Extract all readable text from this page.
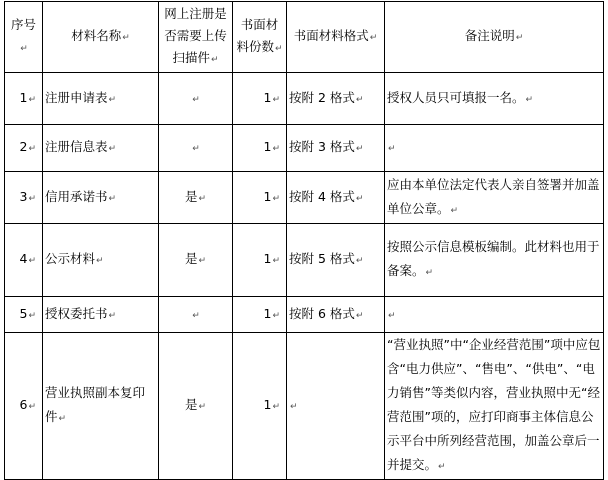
序号↵	材料名称↵	网上注册是否需要上传扫描件↵	书面材料份数↵	书面材料格式↵	备注说明↵
1↵	注册申请表↵	↵	1↵	按附 2 格式↵	授权人员只可填报一名。↵
2↵	注册信息表↵	↵	1↵	按附 3 格式↵	↵
3↵	信用承诺书↵	是↵	1↵	按附 4 格式↵	应由本单位法定代表人亲自签署并加盖单位公章。↵
4↵	公示材料↵	是↵	1↵	按附 5 格式↵	按照公示信息模板编制。此材料也用于备案。↵
5↵	授权委托书↵	↵	1↵	按附 6 格式↵	↵
6↵	营业执照副本复印件↵	是↵	1↵	↵	“营业执照”中“企业经营范围”项中应包含“电力供应”、“售电”、“供电”、“电力销售”等类似内容，营业执照中无“经营范围”项的，应打印商事主体信息公示平台中所列经营范围，加盖公章后一并提交。↵
